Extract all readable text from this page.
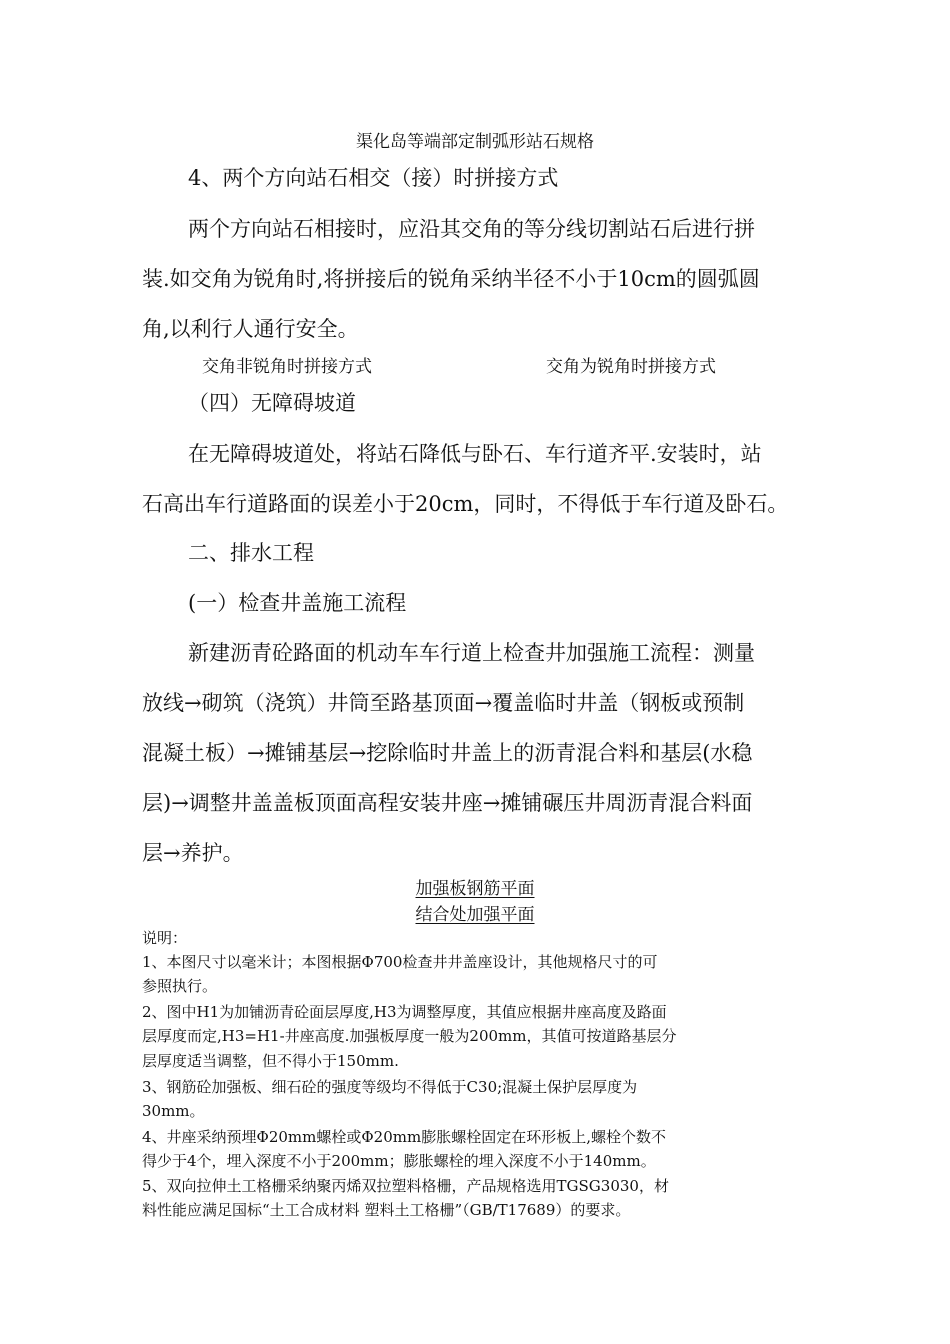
渠化岛等端部定制弧形站石规格
4、两个方向站石相交（接）时拼接方式
两个方向站石相接时，应沿其交角的等分线切割站石后进行拼
装.如交角为锐角时,将拼接后的锐角采纳半径不小于10cm的圆弧圆
角,以利行人通行安全。
交角非锐角时拼接方式	交角为锐角时拼接方式
（四）无障碍坡道
在无障碍坡道处，将站石降低与卧石、车行道齐平.安装时，站
石高出车行道路面的误差小于20cm，同时，不得低于车行道及卧石。
二、排水工程
(一）检查井盖施工流程
新建沥青砼路面的机动车车行道上检查井加强施工流程：测量
放线→砌筑（浇筑）井筒至路基顶面→覆盖临时井盖（钢板或预制
混凝土板）→摊铺基层→挖除临时井盖上的沥青混合料和基层(水稳
层)→调整井盖盖板顶面高程安装井座→摊铺碾压井周沥青混合料面
层→养护。
加强板钢筋平面
结合处加强平面
说明：
1、本图尺寸以毫米计；本图根据Φ700检查井井盖座设计，其他规格尺寸的可
参照执行。
2、图中H1为加铺沥青砼面层厚度,H3为调整厚度，其值应根据井座高度及路面
层厚度而定,H3=H1-井座高度.加强板厚度一般为200mm，其值可按道路基层分
层厚度适当调整，但不得小于150mm.
3、钢筋砼加强板、细石砼的强度等级均不得低于C30;混凝土保护层厚度为
30mm。
4、井座采纳预埋Φ20mm螺栓或Φ20mm膨胀螺栓固定在环形板上,螺栓个数不
得少于4个，埋入深度不小于200mm；膨胀螺栓的埋入深度不小于140mm。
5、双向拉伸土工格栅采纳聚丙烯双拉塑料格栅，产品规格选用TGSG3030，材
料性能应满足国标“土工合成材料 塑料土工格栅”（GB/T17689）的要求。
